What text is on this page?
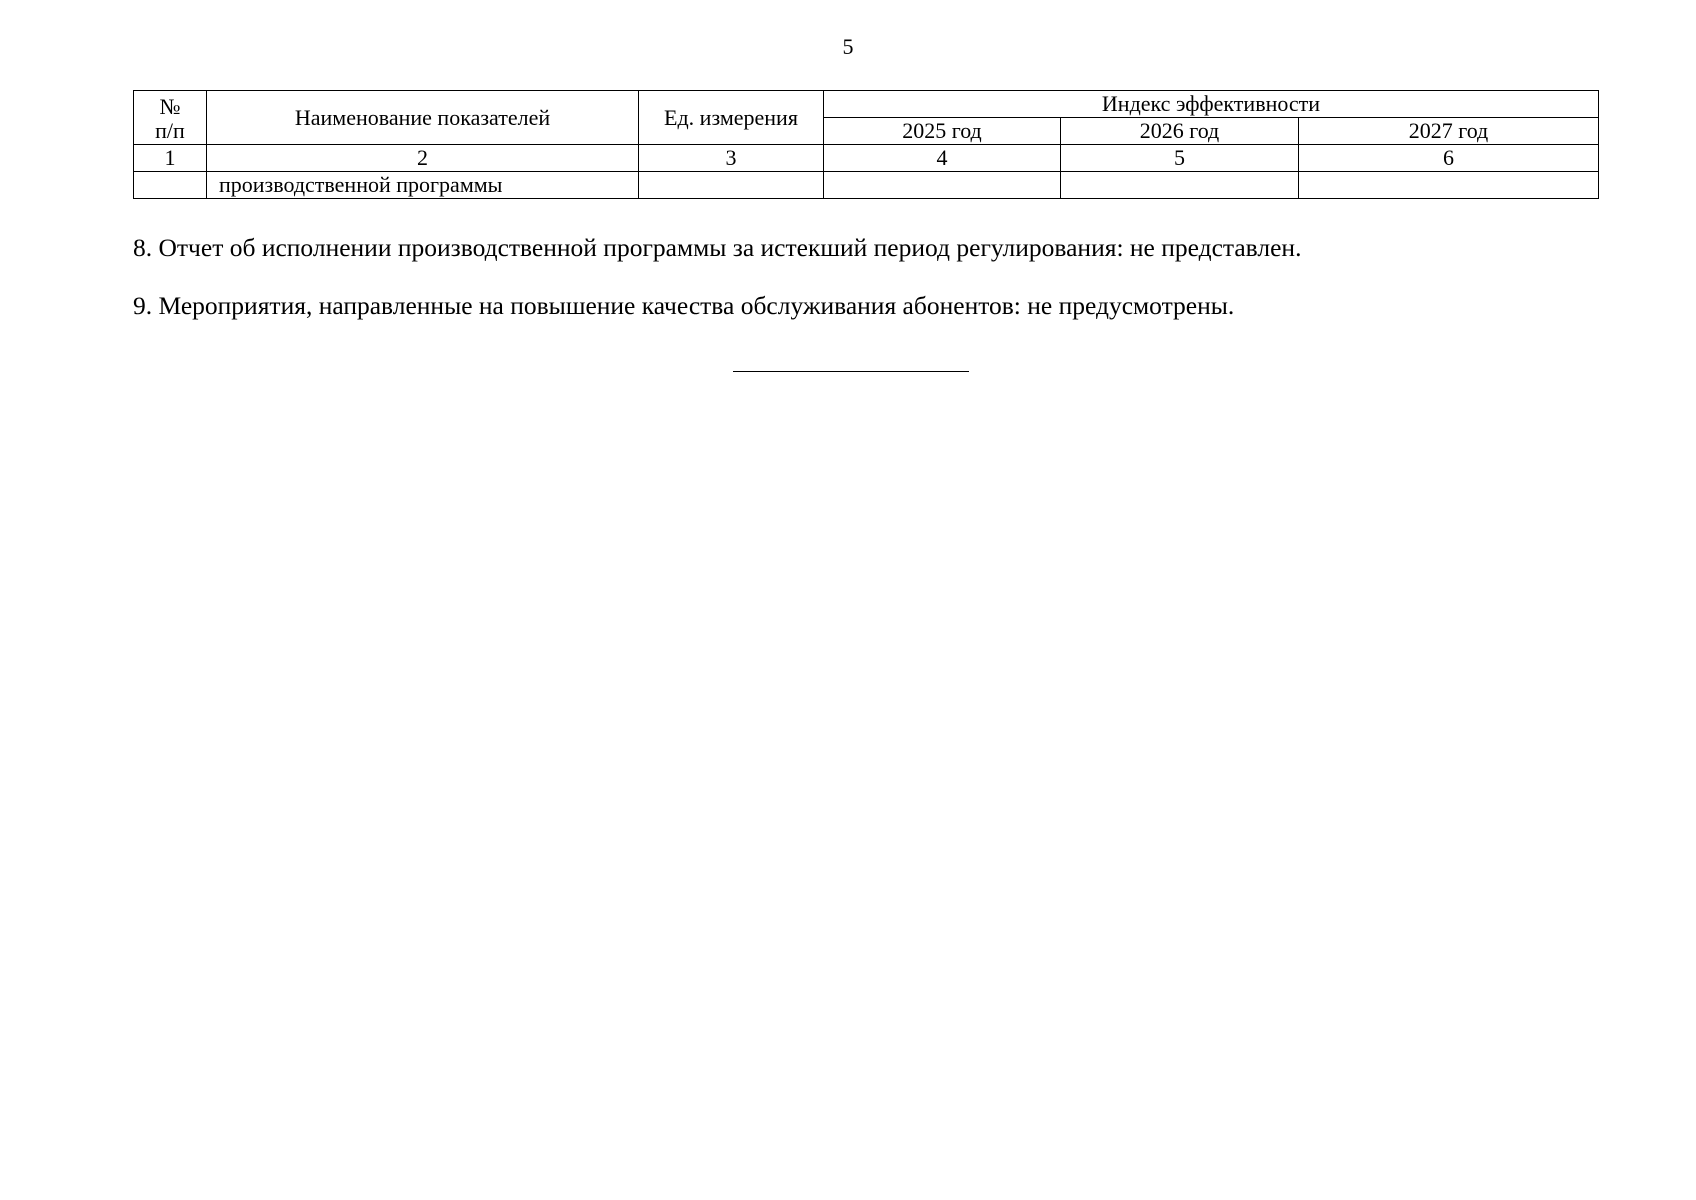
5
№
п/п	Наименование показателей	Ед. измерения	Индекс эффективности		
			2025 год	2026 год	2027 год
1	2	3	4	5	6
	производственной программы				
8. Отчет об исполнении производственной программы за истекший период регулирования: не представлен.
9. Мероприятия, направленные на повышение качества обслуживания абонентов: не предусмотрены.
